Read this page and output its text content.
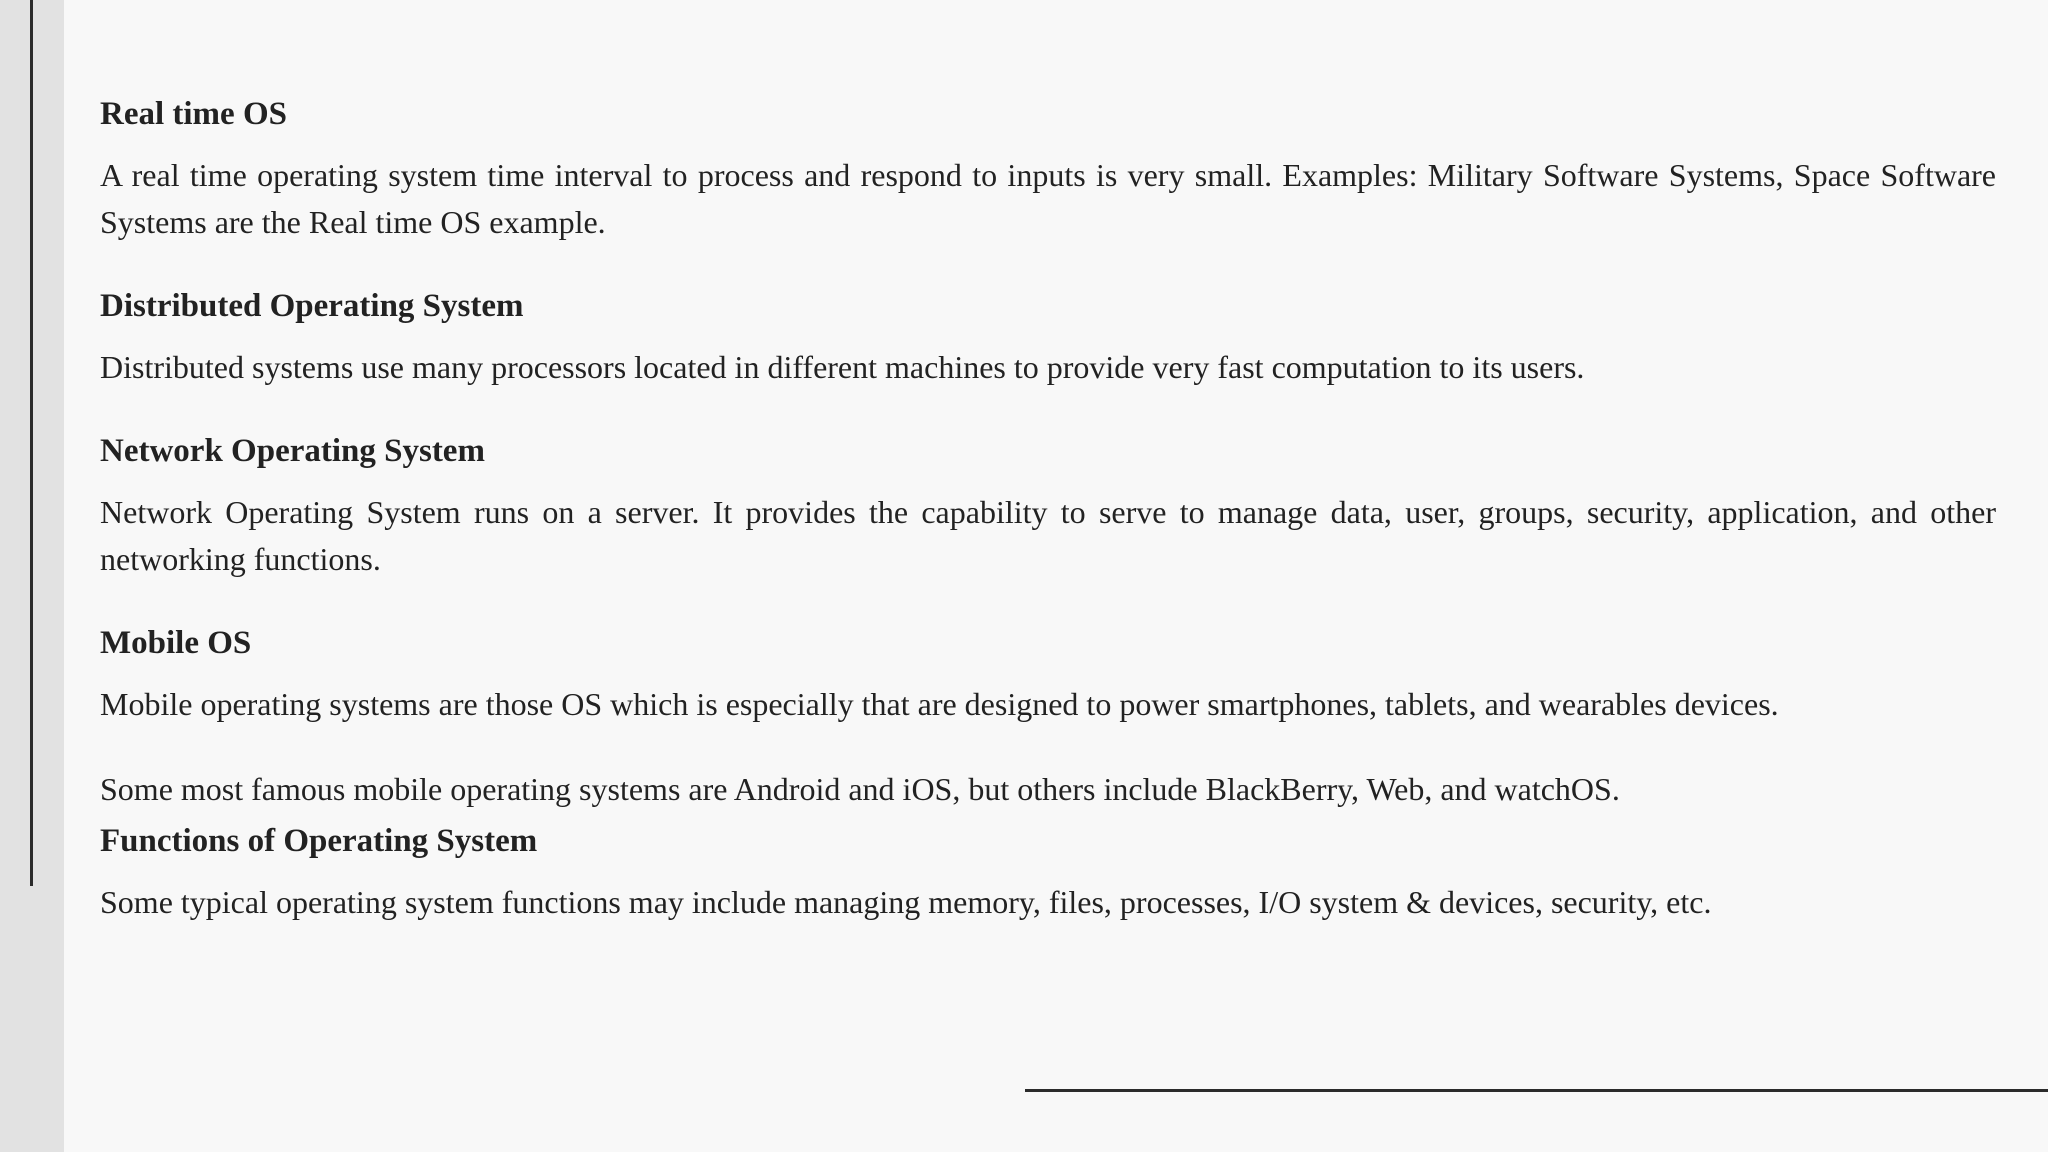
Real time OS
A real time operating system time interval to process and respond to inputs is very small. Examples: Military Software Systems, Space Software Systems are the Real time OS example.
Distributed Operating System
Distributed systems use many processors located in different machines to provide very fast computation to its users.
Network Operating System
Network Operating System runs on a server. It provides the capability to serve to manage data, user, groups, security, application, and other networking functions.
Mobile OS
Mobile operating systems are those OS which is especially that are designed to power smartphones, tablets, and wearables devices.
Some most famous mobile operating systems are Android and iOS, but others include BlackBerry, Web, and watchOS.
Functions of Operating System
Some typical operating system functions may include managing memory, files, processes, I/O system & devices, security, etc.
